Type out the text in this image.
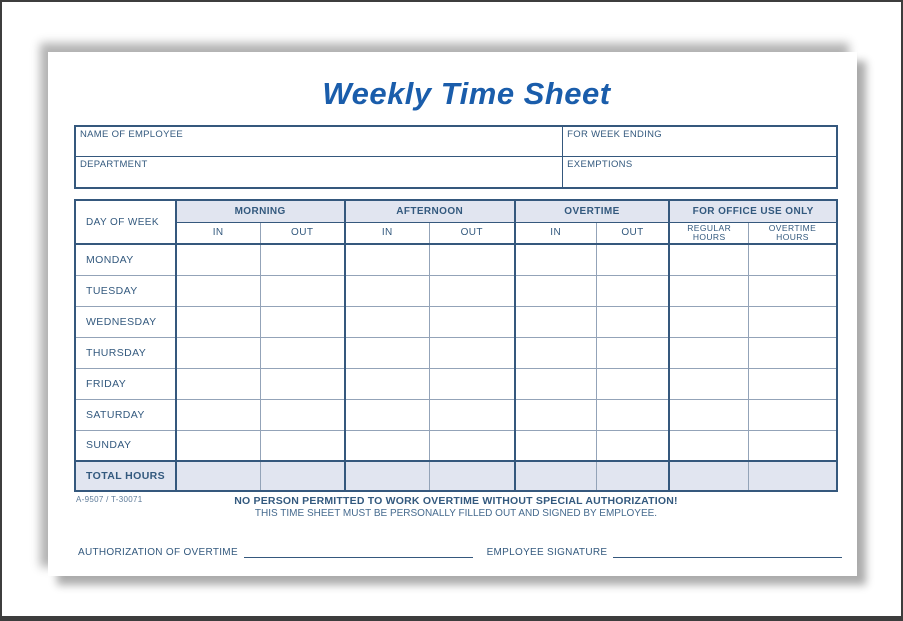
Weekly Time Sheet
NAME OF EMPLOYEE	FOR WEEK ENDING
DEPARTMENT	EXEMPTIONS
DAY OF WEEK	MORNING		AFTERNOON		OVERTIME		FOR OFFICE USE ONLY	
	IN	OUT	IN	OUT	IN	OUT	REGULAR HOURS	OVERTIME HOURS
MONDAY								
TUESDAY								
WEDNESDAY								
THURSDAY								
FRIDAY								
SATURDAY								
SUNDAY								
TOTAL HOURS								
A-9507 / T-30071	NO PERSON PERMITTED TO WORK OVERTIME WITHOUT SPECIAL AUTHORIZATION!
THIS TIME SHEET MUST BE PERSONALLY FILLED OUT AND SIGNED BY EMPLOYEE.
AUTHORIZATION OF OVERTIME	EMPLOYEE SIGNATURE
